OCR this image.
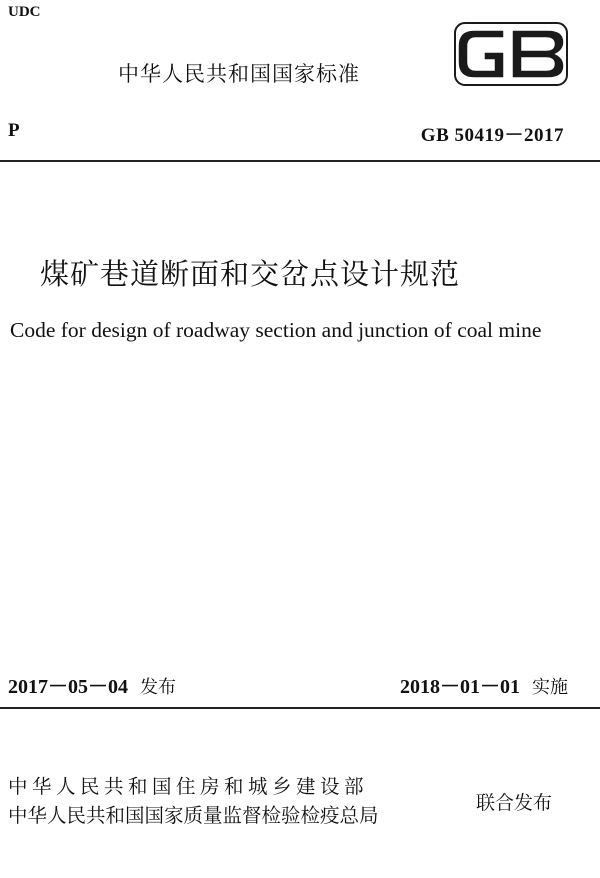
UDC
中华人民共和国国家标准
P	GB 50419－2017
煤矿巷道断面和交岔点设计规范
Code for design of roadway section and junction of coal mine
2017－05－04 发布	2018－01－01 实施
中华人民共和国住房和城乡建设部
中华人民共和国国家质量监督检验检疫总局
联合发布
